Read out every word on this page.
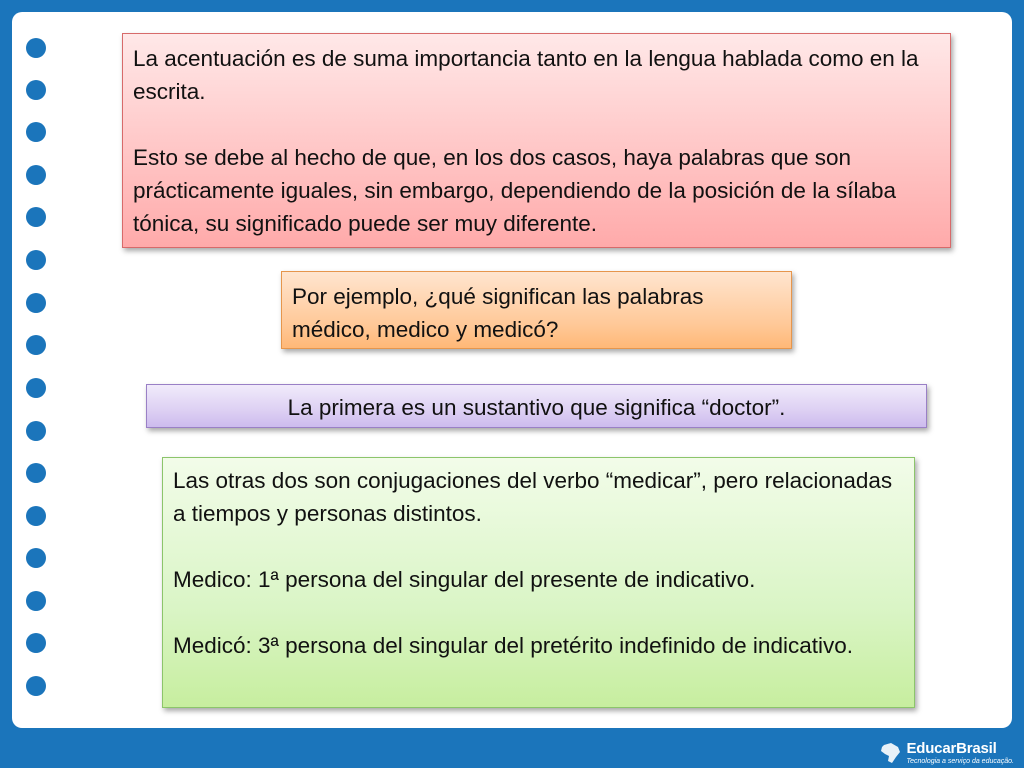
La acentuación es de suma importancia tanto en la lengua hablada como en la escrita.

Esto se debe al hecho de que, en los dos casos, haya palabras que son prácticamente iguales, sin embargo, dependiendo de la posición de la sílaba tónica, su significado puede ser muy diferente.

Por ejemplo, ¿qué significan las palabras médico, medico y medicó?

La primera es un sustantivo que significa “doctor”.

Las otras dos son conjugaciones del verbo “medicar”, pero relacionadas a tiempos y personas distintos.

Medico: 1ª persona del singular del presente de indicativo.

Medicó: 3ª persona del singular del pretérito indefinido de indicativo.

EducarBrasil
Tecnologia a serviço da educação.
